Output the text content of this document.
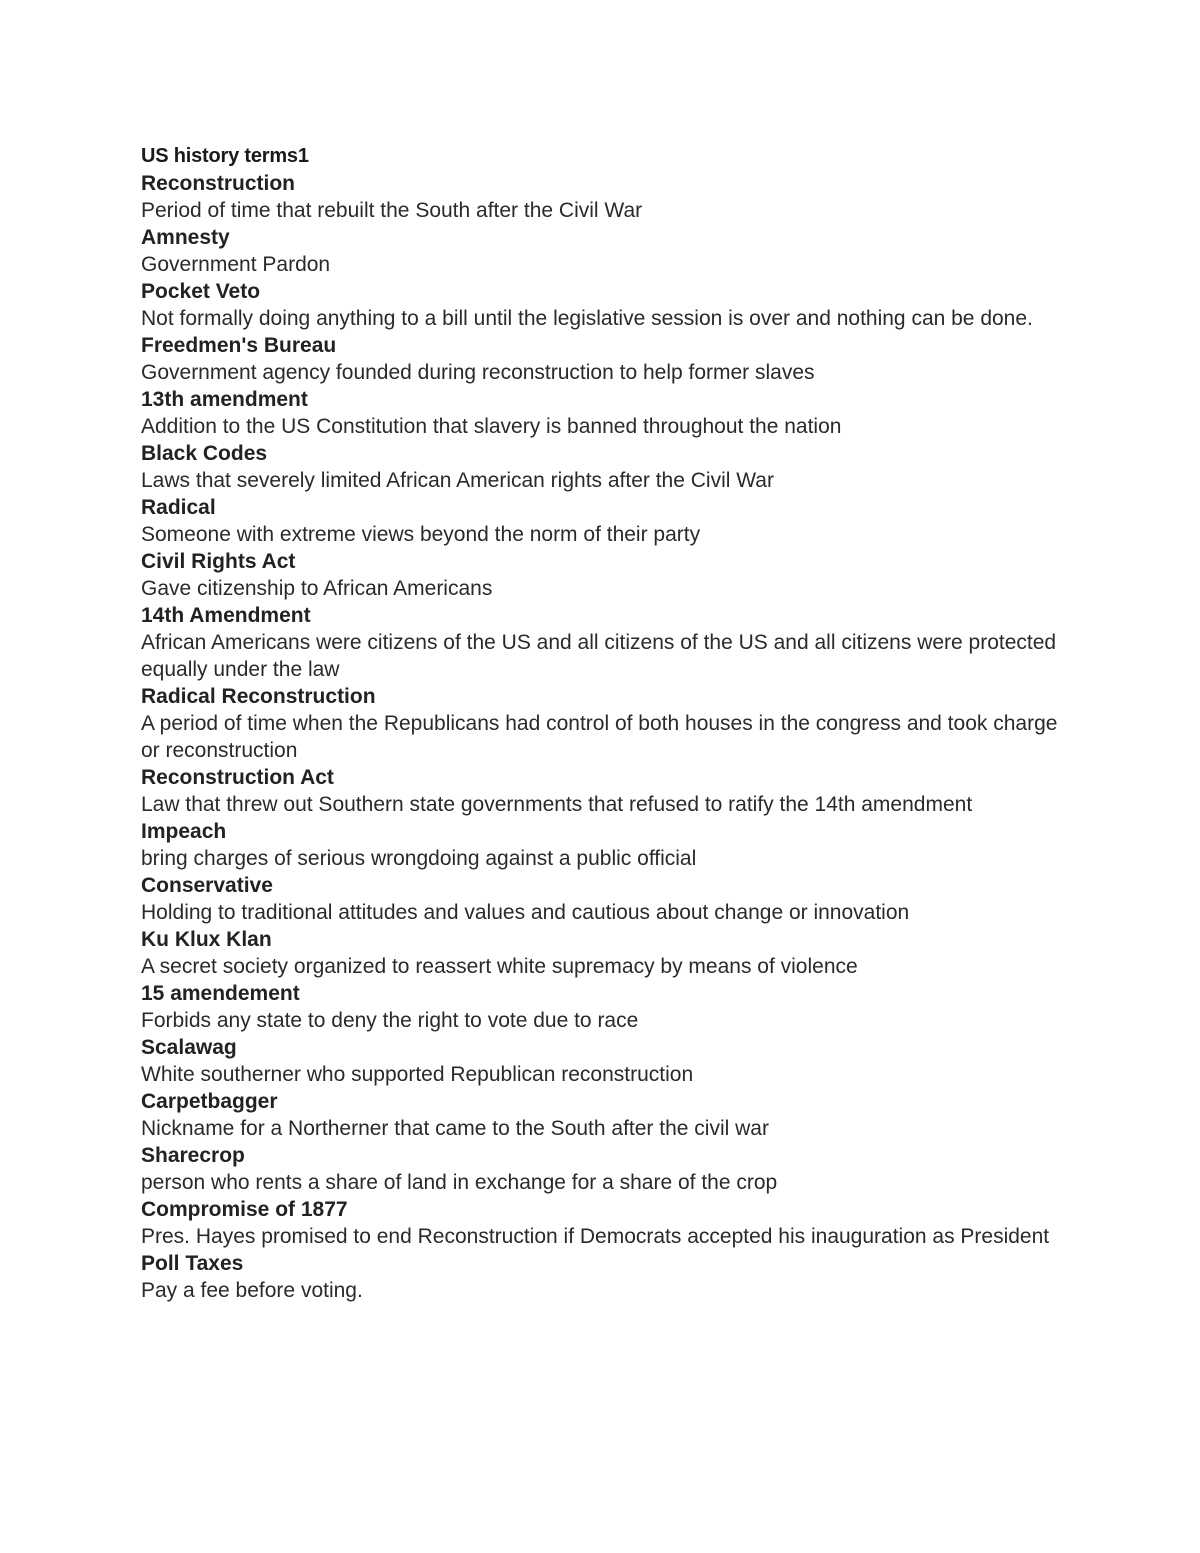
US history terms1
Reconstruction
Period of time that rebuilt the South after the Civil War
Amnesty
Government Pardon
Pocket Veto
Not formally doing anything to a bill until the legislative session is over and nothing can be done.
Freedmen's Bureau
Government agency founded during reconstruction to help former slaves
13th amendment
Addition to the US Constitution that slavery is banned throughout the nation
Black Codes
Laws that severely limited African American rights after the Civil War
Radical
Someone with extreme views beyond the norm of their party
Civil Rights Act
Gave citizenship to African Americans
14th Amendment
African Americans were citizens of the US and all citizens of the US and all citizens were protected equally under the law
Radical Reconstruction
A period of time when the Republicans had control of both houses in the congress and took charge or reconstruction
Reconstruction Act
Law that threw out Southern state governments that refused to ratify the 14th amendment
Impeach
bring charges of serious wrongdoing against a public official
Conservative
Holding to traditional attitudes and values and cautious about change or innovation
Ku Klux Klan
A secret society organized to reassert white supremacy by means of violence
15 amendement
Forbids any state to deny the right to vote due to race
Scalawag
White southerner who supported Republican reconstruction
Carpetbagger
Nickname for a Northerner that came to the South after the civil war
Sharecrop
person who rents a share of land in exchange for a share of the crop
Compromise of 1877
Pres. Hayes promised to end Reconstruction if Democrats accepted his inauguration as President
Poll Taxes
Pay a fee before voting.
